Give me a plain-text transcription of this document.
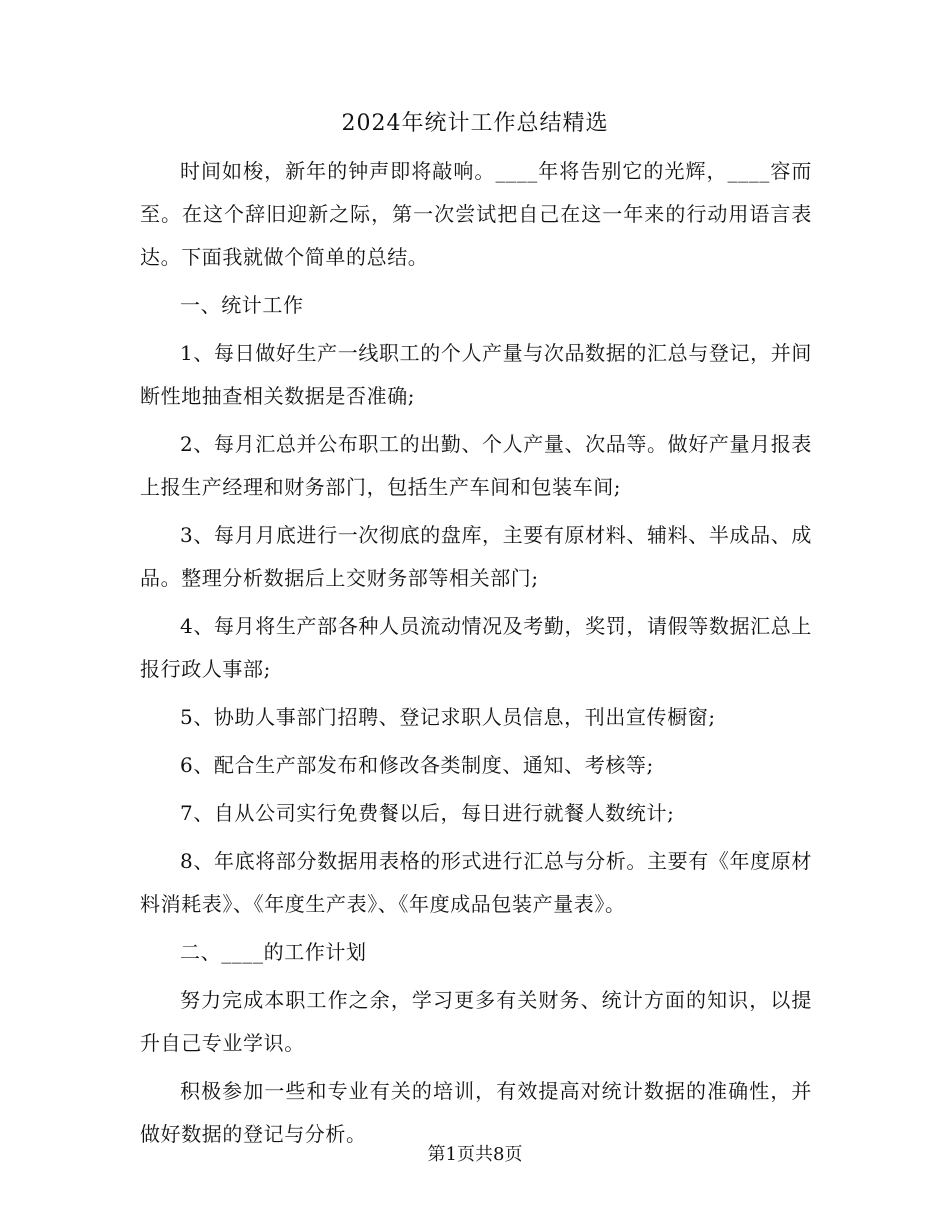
2024年统计工作总结精选

时间如梭，新年的钟声即将敲响。____年将告别它的光辉，____容而至。在这个辞旧迎新之际，第一次尝试把自己在这一年来的行动用语言表达。下面我就做个简单的总结。

一、统计工作

1、每日做好生产一线职工的个人产量与次品数据的汇总与登记，并间断性地抽查相关数据是否准确;

2、每月汇总并公布职工的出勤、个人产量、次品等。做好产量月报表上报生产经理和财务部门，包括生产车间和包装车间;

3、每月月底进行一次彻底的盘库，主要有原材料、辅料、半成品、成品。整理分析数据后上交财务部等相关部门;

4、每月将生产部各种人员流动情况及考勤，奖罚，请假等数据汇总上报行政人事部;

5、协助人事部门招聘、登记求职人员信息，刊出宣传橱窗;

6、配合生产部发布和修改各类制度、通知、考核等;

7、自从公司实行免费餐以后，每日进行就餐人数统计;

8、年底将部分数据用表格的形式进行汇总与分析。主要有《年度原材料消耗表》、《年度生产表》、《年度成品包装产量表》。

二、____的工作计划

努力完成本职工作之余，学习更多有关财务、统计方面的知识，以提升自己专业学识。

积极参加一些和专业有关的培训，有效提高对统计数据的准确性，并做好数据的登记与分析。

第1页共8页
